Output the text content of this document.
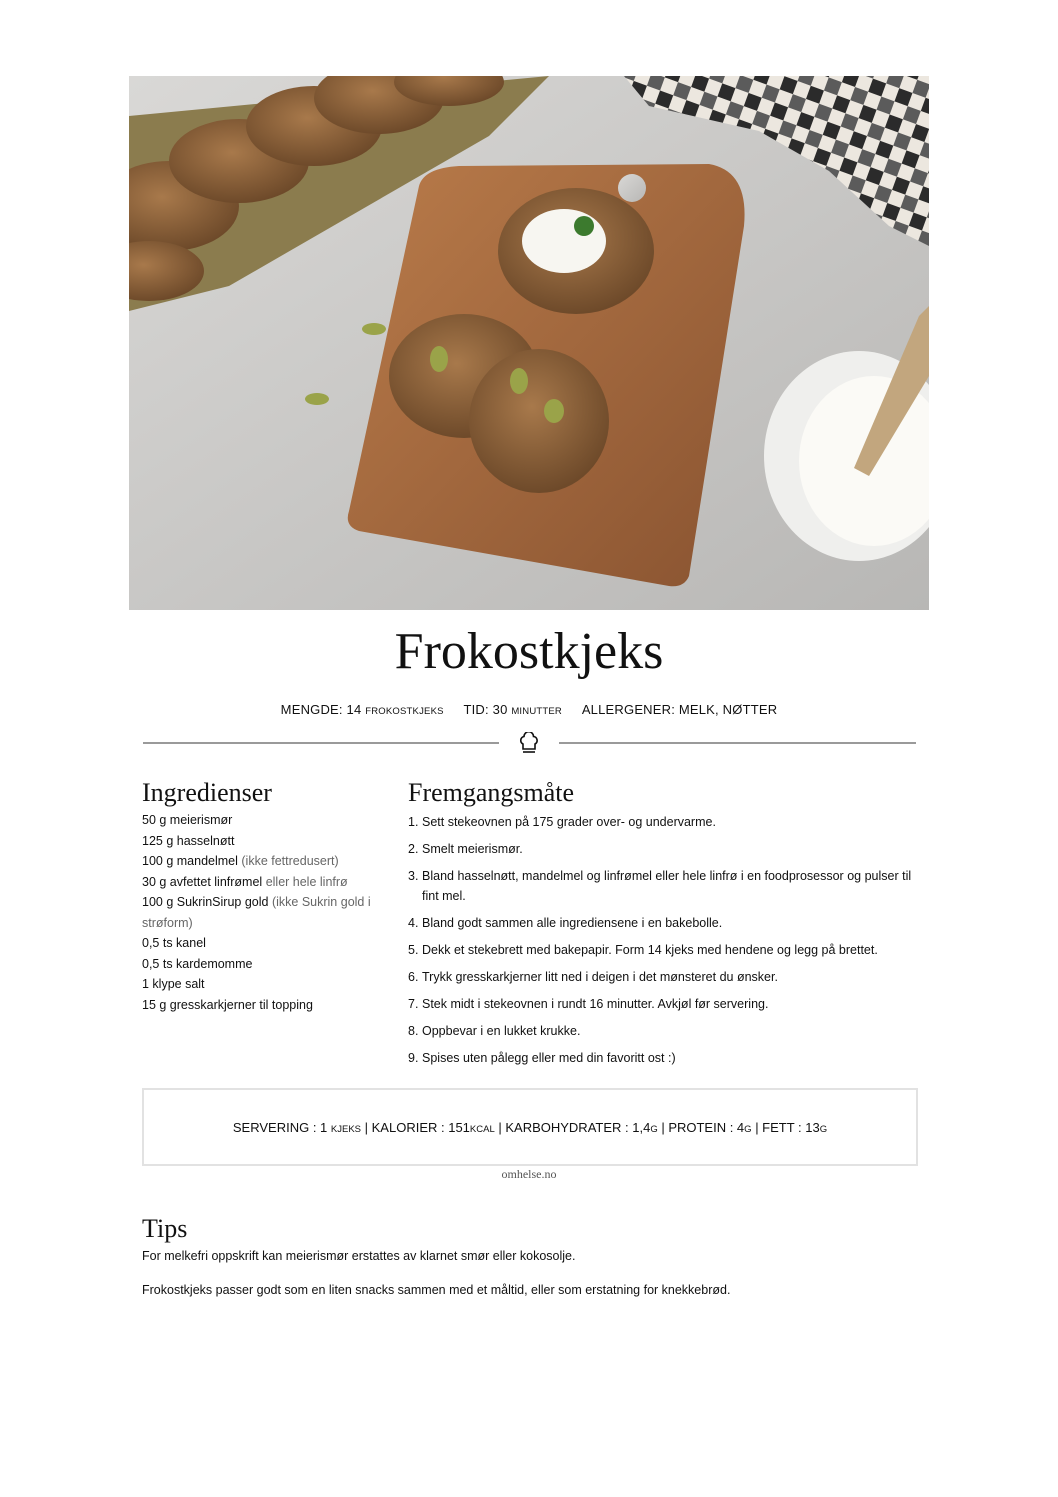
Frokostkjeks
MENGDE: 14 FROKOSTKJEKS TID: 30 MINUTTER ALLERGENER: MELK, NØTTER
Ingredienser
50 g meierismør
125 g hasselnøtt
100 g mandelmel (ikke fettredusert)
30 g avfettet linfrømel eller hele linfrø
100 g SukrinSirup gold (ikke Sukrin gold i strøform)
0,5 ts kanel
0,5 ts kardemomme
1 klype salt
15 g gresskarkjerner til topping
Fremgangsmåte
1. Sett stekeovnen på 175 grader over- og undervarme.
2. Smelt meierismør.
3. Bland hasselnøtt, mandelmel og linfrømel eller hele linfrø i en foodprosessor og pulser til fint mel.
4. Bland godt sammen alle ingrediensene i en bakebolle.
5. Dekk et stekebrett med bakepapir. Form 14 kjeks med hendene og legg på brettet.
6. Trykk gresskarkjerner litt ned i deigen i det mønsteret du ønsker.
7. Stek midt i stekeovnen i rundt 16 minutter. Avkjøl før servering.
8. Oppbevar i en lukket krukke.
9. Spises uten pålegg eller med din favoritt ost :)
SERVERING : 1 KJEKS | KALORIER : 151KCAL | KARBOHYDRATER : 1,4G | PROTEIN : 4G | FETT : 13G
omhelse.no
Tips

For melkefri oppskrift kan meierismør erstattes av klarnet smør eller kokosolje.

Frokostkjeks passer godt som en liten snacks sammen med et måltid, eller som erstatning for knekkebrød.
